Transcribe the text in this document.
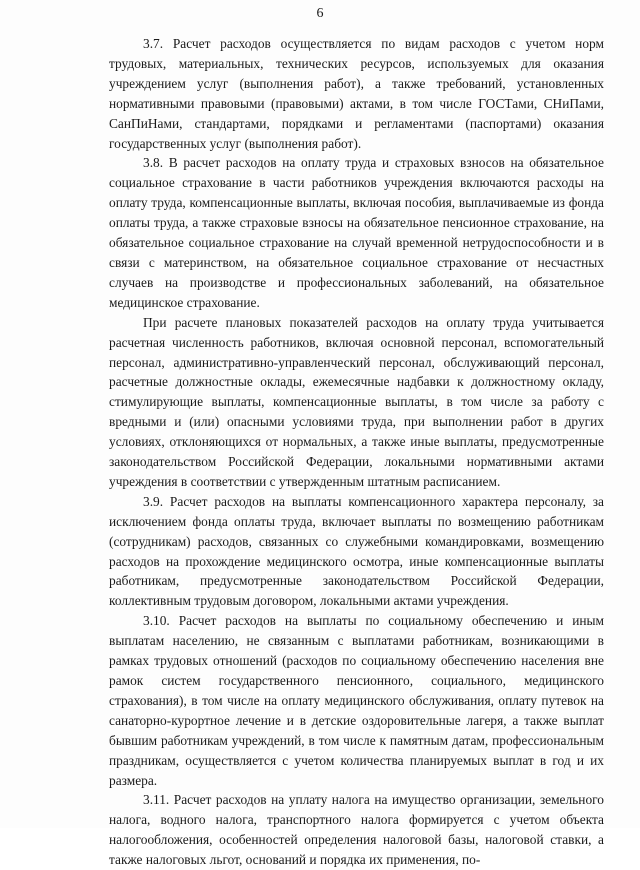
6

3.7. Расчет расходов осуществляется по видам расходов с учетом норм трудовых, материальных, технических ресурсов, используемых для оказания учреждением услуг (выполнения работ), а также требований, установленных нормативными правовыми (правовыми) актами, в том числе ГОСТами, СНиПами, СанПиНами, стандартами, порядками и регламентами (паспортами) оказания государственных услуг (выполнения работ).

3.8. В расчет расходов на оплату труда и страховых взносов на обязательное социальное страхование в части работников учреждения включаются расходы на оплату труда, компенсационные выплаты, включая пособия, выплачиваемые из фонда оплаты труда, а также страховые взносы на обязательное пенсионное страхование, на обязательное социальное страхование на случай временной нетрудоспособности и в связи с материнством, на обязательное социальное страхование от несчастных случаев на производстве и профессиональных заболеваний, на обязательное медицинское страхование.

При расчете плановых показателей расходов на оплату труда учитывается расчетная численность работников, включая основной персонал, вспомогательный персонал, административно-управленческий персонал, обслуживающий персонал, расчетные должностные оклады, ежемесячные надбавки к должностному окладу, стимулирующие выплаты, компенсационные выплаты, в том числе за работу с вредными и (или) опасными условиями труда, при выполнении работ в других условиях, отклоняющихся от нормальных, а также иные выплаты, предусмотренные законодательством Российской Федерации, локальными нормативными актами учреждения в соответствии с утвержденным штатным расписанием.

3.9. Расчет расходов на выплаты компенсационного характера персоналу, за исключением фонда оплаты труда, включает выплаты по возмещению работникам (сотрудникам) расходов, связанных со служебными командировками, возмещению расходов на прохождение медицинского осмотра, иные компенсационные выплаты работникам, предусмотренные законодательством Российской Федерации, коллективным трудовым договором, локальными актами учреждения.

3.10. Расчет расходов на выплаты по социальному обеспечению и иным выплатам населению, не связанным с выплатами работникам, возникающими в рамках трудовых отношений (расходов по социальному обеспечению населения вне рамок систем государственного пенсионного, социального, медицинского страхования), в том числе на оплату медицинского обслуживания, оплату путевок на санаторно-курортное лечение и в детские оздоровительные лагеря, а также выплат бывшим работникам учреждений, в том числе к памятным датам, профессиональным праздникам, осуществляется с учетом количества планируемых выплат в год и их размера.

3.11. Расчет расходов на уплату налога на имущество организации, земельного налога, водного налога, транспортного налога формируется с учетом объекта налогообложения, особенностей определения налоговой базы, налоговой ставки, а также налоговых льгот, оснований и порядка их применения, по-
